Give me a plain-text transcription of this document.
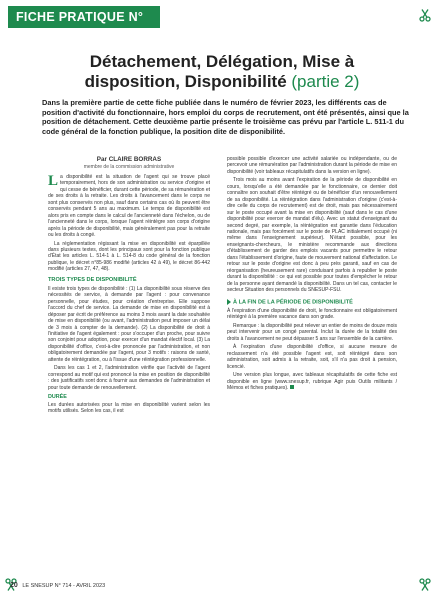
FICHE PRATIQUE N° 45
Détachement, Délégation, Mise à disposition, Disponibilité (partie 2)

Dans la première partie de cette fiche publiée dans le numéro de février 2023, les différents cas de position d'activité du fonctionnaire, hors emploi du corps de recrutement, ont été présentés, ainsi que la position de détachement. Cette deuxième partie présente le troisième cas prévu par l'article L. 511-1 du code général de la fonction publique, la position dite de disponibilité.

Par CLAIRE BORRAS
membre de la commission administrative

La disponibilité est la situation de l'agent qui se trouve placé temporairement, hors de son administration ou service d'origine et qui cesse de bénéficier, durant cette période, de sa rémunération et de ses droits à la retraite. Les droits à l'avancement dans le corps ne sont plus conservés non plus, sauf dans certains cas où ils peuvent être conservés pendant 5 ans au maximum. Le temps de disponibilité est alors pris en compte dans le calcul de l'ancienneté dans l'échelon, ou de l'ancienneté dans le corps, lorsque l'agent réintègre son corps d'origine après la période de disponibilité, mais généralement pas pour la retraite ou les droits à congé.

La réglementation régissant la mise en disponibilité est éparpillée dans plusieurs textes, dont les principaux sont pour la fonction publique d'État les articles L. 514-1 à L. 514-8 du code général de la fonction publique, le décret n°85-986 modifié (articles 42 à 49), le décret 86-442 modifié (articles 27, 47, 48).

TROIS TYPES DE DISPONIBILITÉ

Il existe trois types de disponibilité : (1) La disponibilité sous réserve des nécessités de service, à demande par l'agent : pour convenance personnelle, pour études, pour création d'entreprise. Elle suppose l'accord du chef de service. La demande de mise en disponibilité est à déposer par écrit de préférence au moins 3 mois avant la date souhaitée de mise en disponibilité (ou avant, l'administration peut imposer un délai de 3 mois à compter de la demande). (2) La disponibilité de droit à l'initiative de l'agent également : pour s'occuper d'un proche, pour suivre son conjoint pour adoption, pour exercer d'un mandat électif local. (3) La disponibilité d'office, c'est-à-dire prononcée par l'administration, et non obligatoirement demandée par l'agent, pour 3 motifs : raisons de santé, attente de réintégration, ou à l'issue d'une réintégration professionnelle.

Dans les cas 1 et 2, l'administration vérifie que l'activité de l'agent correspond au motif qui est prononcé la mise en position de disponibilité : des justificatifs sont donc à fournir aux demandes de l'administration et pour toute demande de renouvellement.

DURÉE

Les durées autorisées pour la mise en disponibilité varient selon les motifs utilisés. Selon les cas, il est

possible possible d'exercer une activité salariée ou indépendante, ou de percevoir une rémunération par l'administration durant la période de mise en disponibilité (voir tableaux récapitulatifs dans la version en ligne).

Trois mois au moins avant l'expiration de la période de disponibilité en cours, lorsqu'elle a été demandée par le fonctionnaire, ce dernier doit connaître son souhait d'être réintégré ou de bénéficier d'un renouvellement de sa disponibilité. La réintégration dans l'administration d'origine (c'est-à-dire celle du corps de recrutement) est de droit, mais pas nécessairement sur le poste occupé avant la mise en disponibilité (sauf dans le cas d'une disponibilité pour exercer de mandat d'élu). Avec un statut d'enseignant du second degré, par exemple, la réintégration est garantie dans l'éducation nationale, mais pas forcément sur le poste de PLAC initialement occupé (ni même dans l'enseignement supérieur). N'étant possible, pour les enseignants-chercheurs, le ministère recommande aux directions d'établissement de garder des emplois vacants pour permettre le retour dans l'établissement d'origine, faute de mouvement national d'affectation. Le retour sur le poste d'origine est donc à peu près garanti, sauf en cas de réorganisation (heureusement rare) conduisant parfois à republier le poste durant la disponibilité : ce qui est possible pour toutes d'empêcher le retour de la personne ayant demandé la disponibilité. Dans un tel cas, contacter le secteur Situation des personnels du SNESUP-FSU.

À LA FIN DE LA PÉRIODE DE DISPONIBILITÉ

À l'expiration d'une disponibilité de droit, le fonctionnaire est obligatoirement réintégré à la première vacance dans son grade.

Remarque : la disponibilité peut relever un entier de moins de douze mois peut intervenir pour un congé parental. Inclut la durée de la totalité des droits à l'avancement ne peut dépasser 5 ans sur l'ensemble de la carrière.

À l'expiration d'une disponibilité d'office, si aucune mesure de reclassement n'a été possible l'agent est, soit réintégré dans son administration, soit admis à la retraite, soit, s'il n'a pas droit à pension, licencié.

Une version plus longue, avec tableaux récapitulatifs de cette fiche est disponible en ligne (www.snesup.fr, rubrique Agir puis Outils militants / Mémos et fiches pratiques).

20 LE SNESUP N° 714 - AVRIL 2023
